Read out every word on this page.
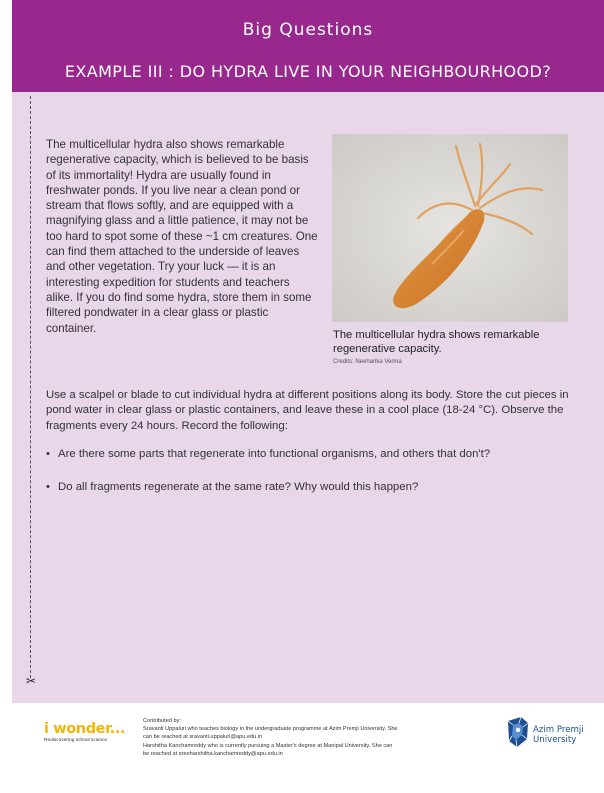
Big Questions
EXAMPLE III : DO HYDRA LIVE IN YOUR NEIGHBOURHOOD?
✂
The multicellular hydra also shows remarkable regenerative capacity, which is believed to be basis of its immortality! Hydra are usually found in freshwater ponds. If you live near a clean pond or stream that flows softly, and are equipped with a magnifying glass and a little patience, it may not be too hard to spot some of these ~1 cm creatures. One can find them attached to the underside of leaves and other vegetation. Try your luck — it is an interesting expedition for students and teachers alike. If you do find some hydra, store them in some filtered pondwater in a clear glass or plastic container.
The multicellular hydra shows remarkable regenerative capacity.
Credits: Neeharika Verma
Use a scalpel or blade to cut individual hydra at different positions along its body. Store the cut pieces in pond water in clear glass or plastic containers, and leave these in a cool place (18-24 °C). Observe the fragments every 24 hours. Record the following:
• Are there some parts that regenerate into functional organisms, and others that don't?
• Do all fragments regenerate at the same rate? Why would this happen?
i wonder...
Rediscovering school science
Contributed by:
Sravanti Uppaluri who teaches biology in the undergraduate programme at Azim Premji University. She
can be reached at sravanti.uppaluri@apu.edu.in
Harshitha Kanchamreddy who is currently pursuing a Master's degree at Manipal University. She can
be reached at sreeharshitha.kanchamreddy@apu.edu.in
Azim Premji
University
